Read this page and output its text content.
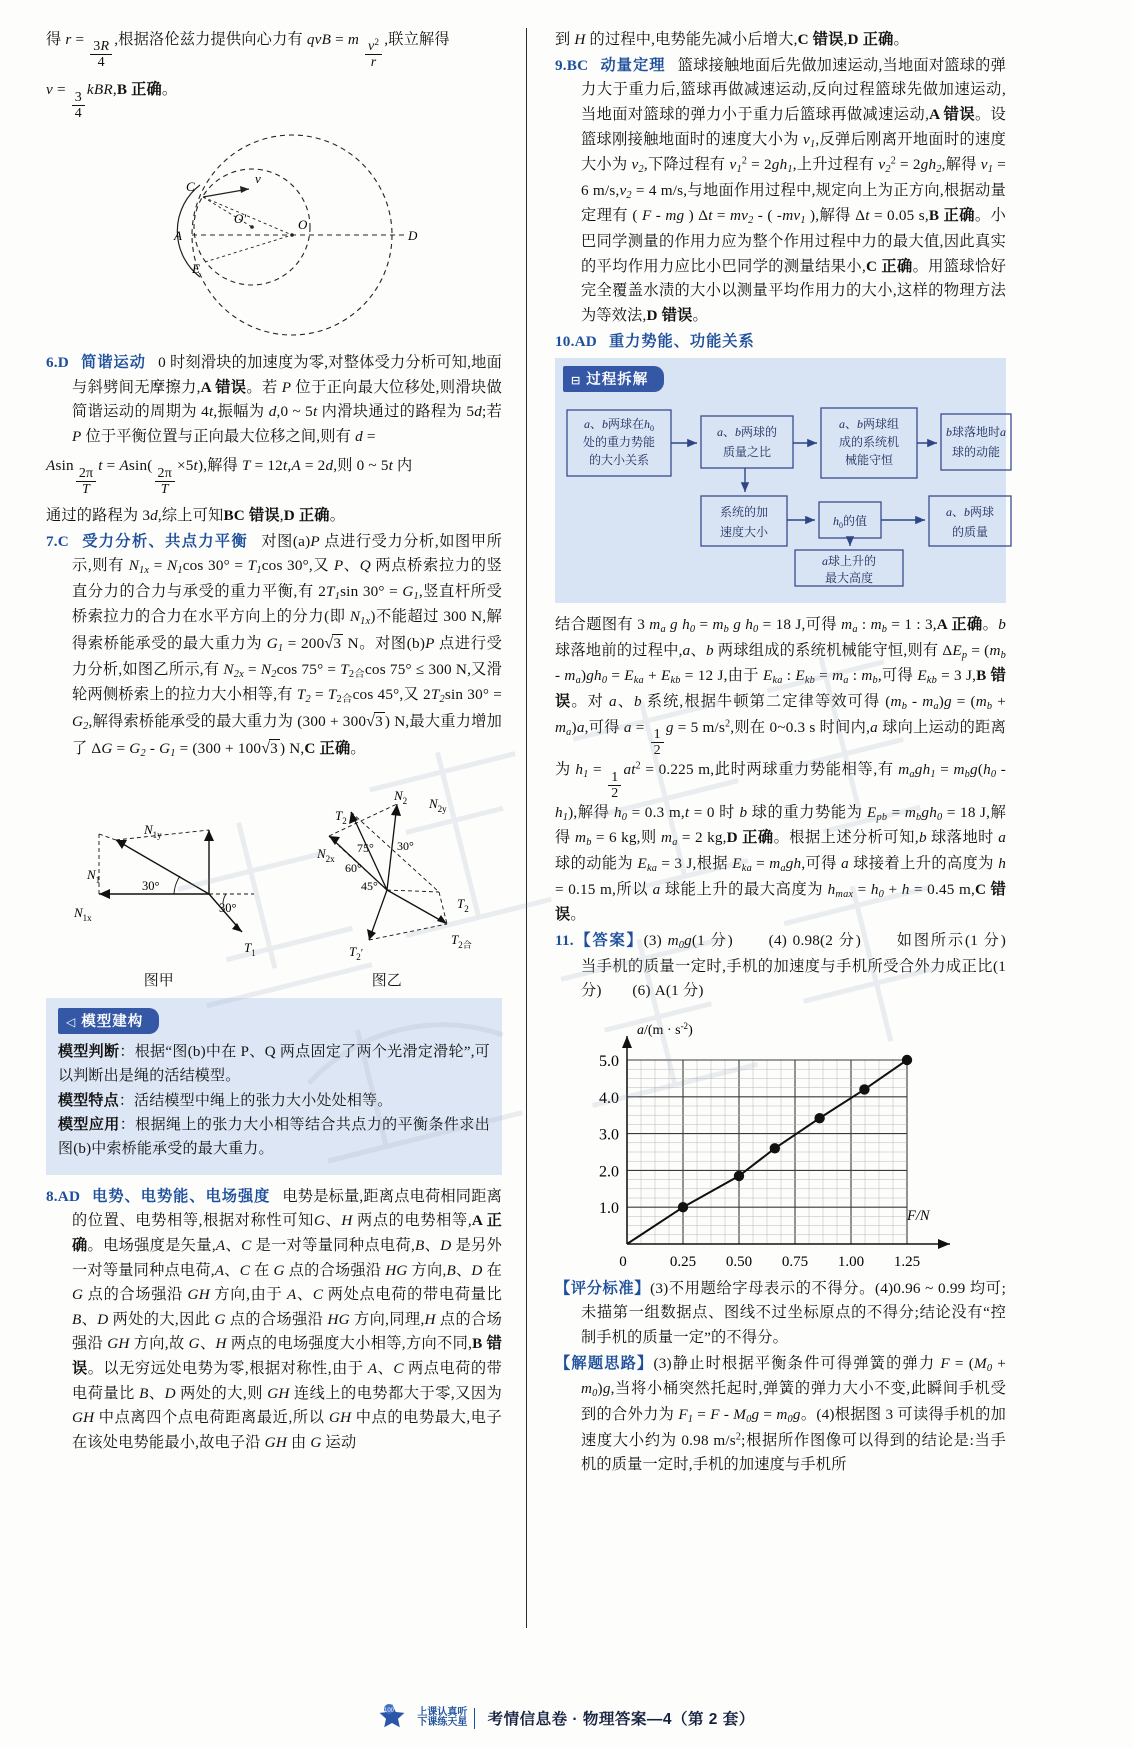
得 $r = \frac{3R}{4}$ ,根据洛伦兹力提供向心力有 qvB = m $\frac{v^2}{r}$ ,联立解得
$v = \frac{3}{4} kBR,B$ 正确。
C
v
O′	O
A	D
E
6.D 简谐运动   0 时刻滑块的加速度为零,对整体受力分析可知,地面与斜劈间无摩擦力,A 错误。若 P 位于正向最大位移处,则滑块做简谐运动的周期为 4t,振幅为 d,0 ~ 5t 内滑块通过的路程为 5d;若 P 位于平衡位置与正向最大位移之间,则有 d =
Asin $\frac{2\pi}{T}$ $t = Asin( \frac{2\pi}{T} \times 5t)$,解得 T = 12t,A = 2d,则 0 ~ 5t 内
通过的路程为 3d,综上可知BC 错误,D 正确。
7.C 受力分析、共点力平衡   对图(a)P 点进行受力分析,如图甲所示,则有 $N_{1x} = N_1\cos$ $30^\circ = T_1\cos$ 30°,又 P、Q 两点桥索拉力的竖直分力的合力与承受的重力平衡,有 $2T_1\sin$ $30^\circ = G_1$,竖直杆所受桥索拉力的合力在水平方向上的分力(即 $N_{1x}$)不能超过 300 N,解得索桥能承受的最大重力为 $G_1 = 200√3$ N。对图(b)P 点进行受力分析,如图乙所示,有 $N_{2x} = N_2\cos$ 75° = T2合cos 75° ≤ 300 N,又滑轮两侧桥索上的拉力大小相等,有 $T_2 = T2$合cos 45°,又 $2T_2\sin$ $30^\circ = G_2$,解得索桥能承受的最大重力为 (300 + 300√3 ) N,最大重力增加了 $\Delta G = G_2 - G_1 = (300 + 100√3$ ) N,C 正确。
$N_1$
$N_{1y}$
$N_{1x}$
30°
30°
$T_1$
图甲
$N_2$ $N_{2y}$
$N_{2x}$
75° 30°
60°
45°
$T_2$
$T_2'$
$T_{2合}$
$T_2$
图乙
◁ 模型建构
模型判断：根据“图(b)中在 P、Q 两点固定了两个光滑定滑轮”,可以判断出是绳的活结模型。
模型特点：活结模型中绳上的张力大小处处相等。
模型应用：根据绳上的张力大小相等结合共点力的平衡条件求出图(b)中索桥能承受的最大重力。
8.AD 电势、电势能、电场强度   电势是标量,距离点电荷相同距离的位置、电势相等,根据对称性可知G、H 两点的电势相等,A 正确。电场强度是矢量,A、C 是一对等量同种点电荷,B、D 是另外一对等量同种点电荷,A、C 在 G 点的合场强沿 HG 方向,B、D 在 G 点的合场强沿 GH 方向,由于 A、C 两处点电荷的带电荷量比 B、D 两处的大,因此 G 点的合场强沿 HG 方向,同理,H 点的合场强沿 GH 方向,故 G、H 两点的电场强度大小相等,方向不同,B 错误。以无穷远处电势为零,根据对称性,由于 A、C 两点电荷的带电荷量比 B、D 两处的大,则 GH 连线上的电势都大于零,又因为 GH 中点离四个点电荷距离最近,所以 GH 中点的电势最大,电子在该处电势能最小,故电子沿 GH 由 G 运动
到 H 的过程中,电势能先减小后增大,C 错误,D 正确。
9.BC 动量定理   篮球接触地面后先做加速运动,当地面对篮球的弹力大于重力后,篮球再做减速运动,反向过程篮球先做加速运动,当地面对篮球的弹力小于重力后篮球再做减速运动,A 错误。设篮球刚接触地面时的速度大小为 $v_1$,反弹后刚离开地面时的速度大小为 $v_2$,下降过程有 $v_1^2 = 2gh_1$,上升过程有 $v_2^2 = 2gh_2$,解得 $v_1 = 6$ $m/s,v_2 = 4$ m/s,与地面作用过程中,规定向上为正方向,根据动量定理有 ( F - mg ) $\Delta t = mv_2$ - ( $-mv_1$ ),解得 Δt = 0.05 s,B 正确。小巴同学测量的作用力应为整个作用过程中力的最大值,因此真实的平均作用力应比小巴同学的测量结果小,C 正确。用篮球恰好完全覆盖水渍的大小以测量平均作用力的大小,这样的物理方法为等效法,D 错误。
10.AD 重力势能、功能关系
⊟ 过程拆解
a、b两球在$h_0$
处的重力势能
的大小关系
a、b两球的
质量之比
a、b两球组
成的系统机
械能守恒
b球落地时a
球的动能
系统的加
速度大小
$h_0$的值
a、b两球
的质量
a球上升的
最大高度
结合题图有 3 $m_a$ g $h_0 = m_b$ g $h_0 = 18$ J,可得 $m_a$ : $m_b = 1$ : 3,A 正确。b 球落地前的过程中,a、b 两球组成的系统机械能守恒,则有 $\Delta E_p = (m_b - m_a)gh_0 = E_{ka} + E_{kb} = 12$ J,由于 $E_{ka}$ : $E_{kb} = m_a$ : $m_b$,可得 $E_{kb} = 3$ J,B 错误。对 a、b 系统,根据牛顿第二定律等效可得 $(m_b - m_a)g = (m_b + m_a)a$,可得 $a = \frac{1}{2}$ g = 5 $m/s^2$,则在 0~0.3 s 时间内,a 球向上运动的距离为 $h_1 = \frac{1}{2} at^2 = 0.225$ m,此时两球重力势能相等,有 $m_agh_1 = m_bg(h_0 - h_1)$,解得 $h_0 = 0.3$ m,t = 0 时 b 球的重力势能为 $E_{pb} = m_bgh_0 = 18$ J,解得 $m_b = 6$ kg,则 $m_a = 2$ kg,D 正确。根据上述分析可知,b 球落地时 a 球的动能为 $E_{ka} = 3$ J,根据 $E_{ka} = m_agh$,可得 a 球接着上升的高度为 h = 0.15 m,所以 a 球能上升的最大高度为 $h_{max} = h_0 + h = 0.45$ m,C 错误。
11.【答案】(3) $m_0g(1$ 分)　　(4) 0.98(2 分)　　如图所示(1 分)　　当手机的质量一定时,手机的加速度与手机所受合外力成正比(1 分)　　(6) A(1 分)
$a/(m \cdot s^{-2})$
F/N
1.0
2.0
3.0
4.0
5.0
0	0.25 0.50 0.75 1.00 1.25
【评分标准】(3)不用题给字母表示的不得分。(4)0.96 ~ 0.99 均可;未描第一组数据点、图线不过坐标原点的不得分;结论没有“控制手机的质量一定”的不得分。
【解题思路】(3)静止时根据平衡条件可得弹簧的弹力 $F = (M_0 + m_0)g$,当将小桶突然托起时,弹簧的弹力大小不变,此瞬间手机受到的合外力为 $F_1 = F - M_0g = m_0g$。(4)根据图 3 可读得手机的加速度大小约为 0.98 $m/s^2$;根据所作图像可以得到的结论是:当手机的质量一定时,手机的加速度与手机所
100 上课认真听
下课练天星 考情信息卷 · 物理答案—4（第 2 套）
